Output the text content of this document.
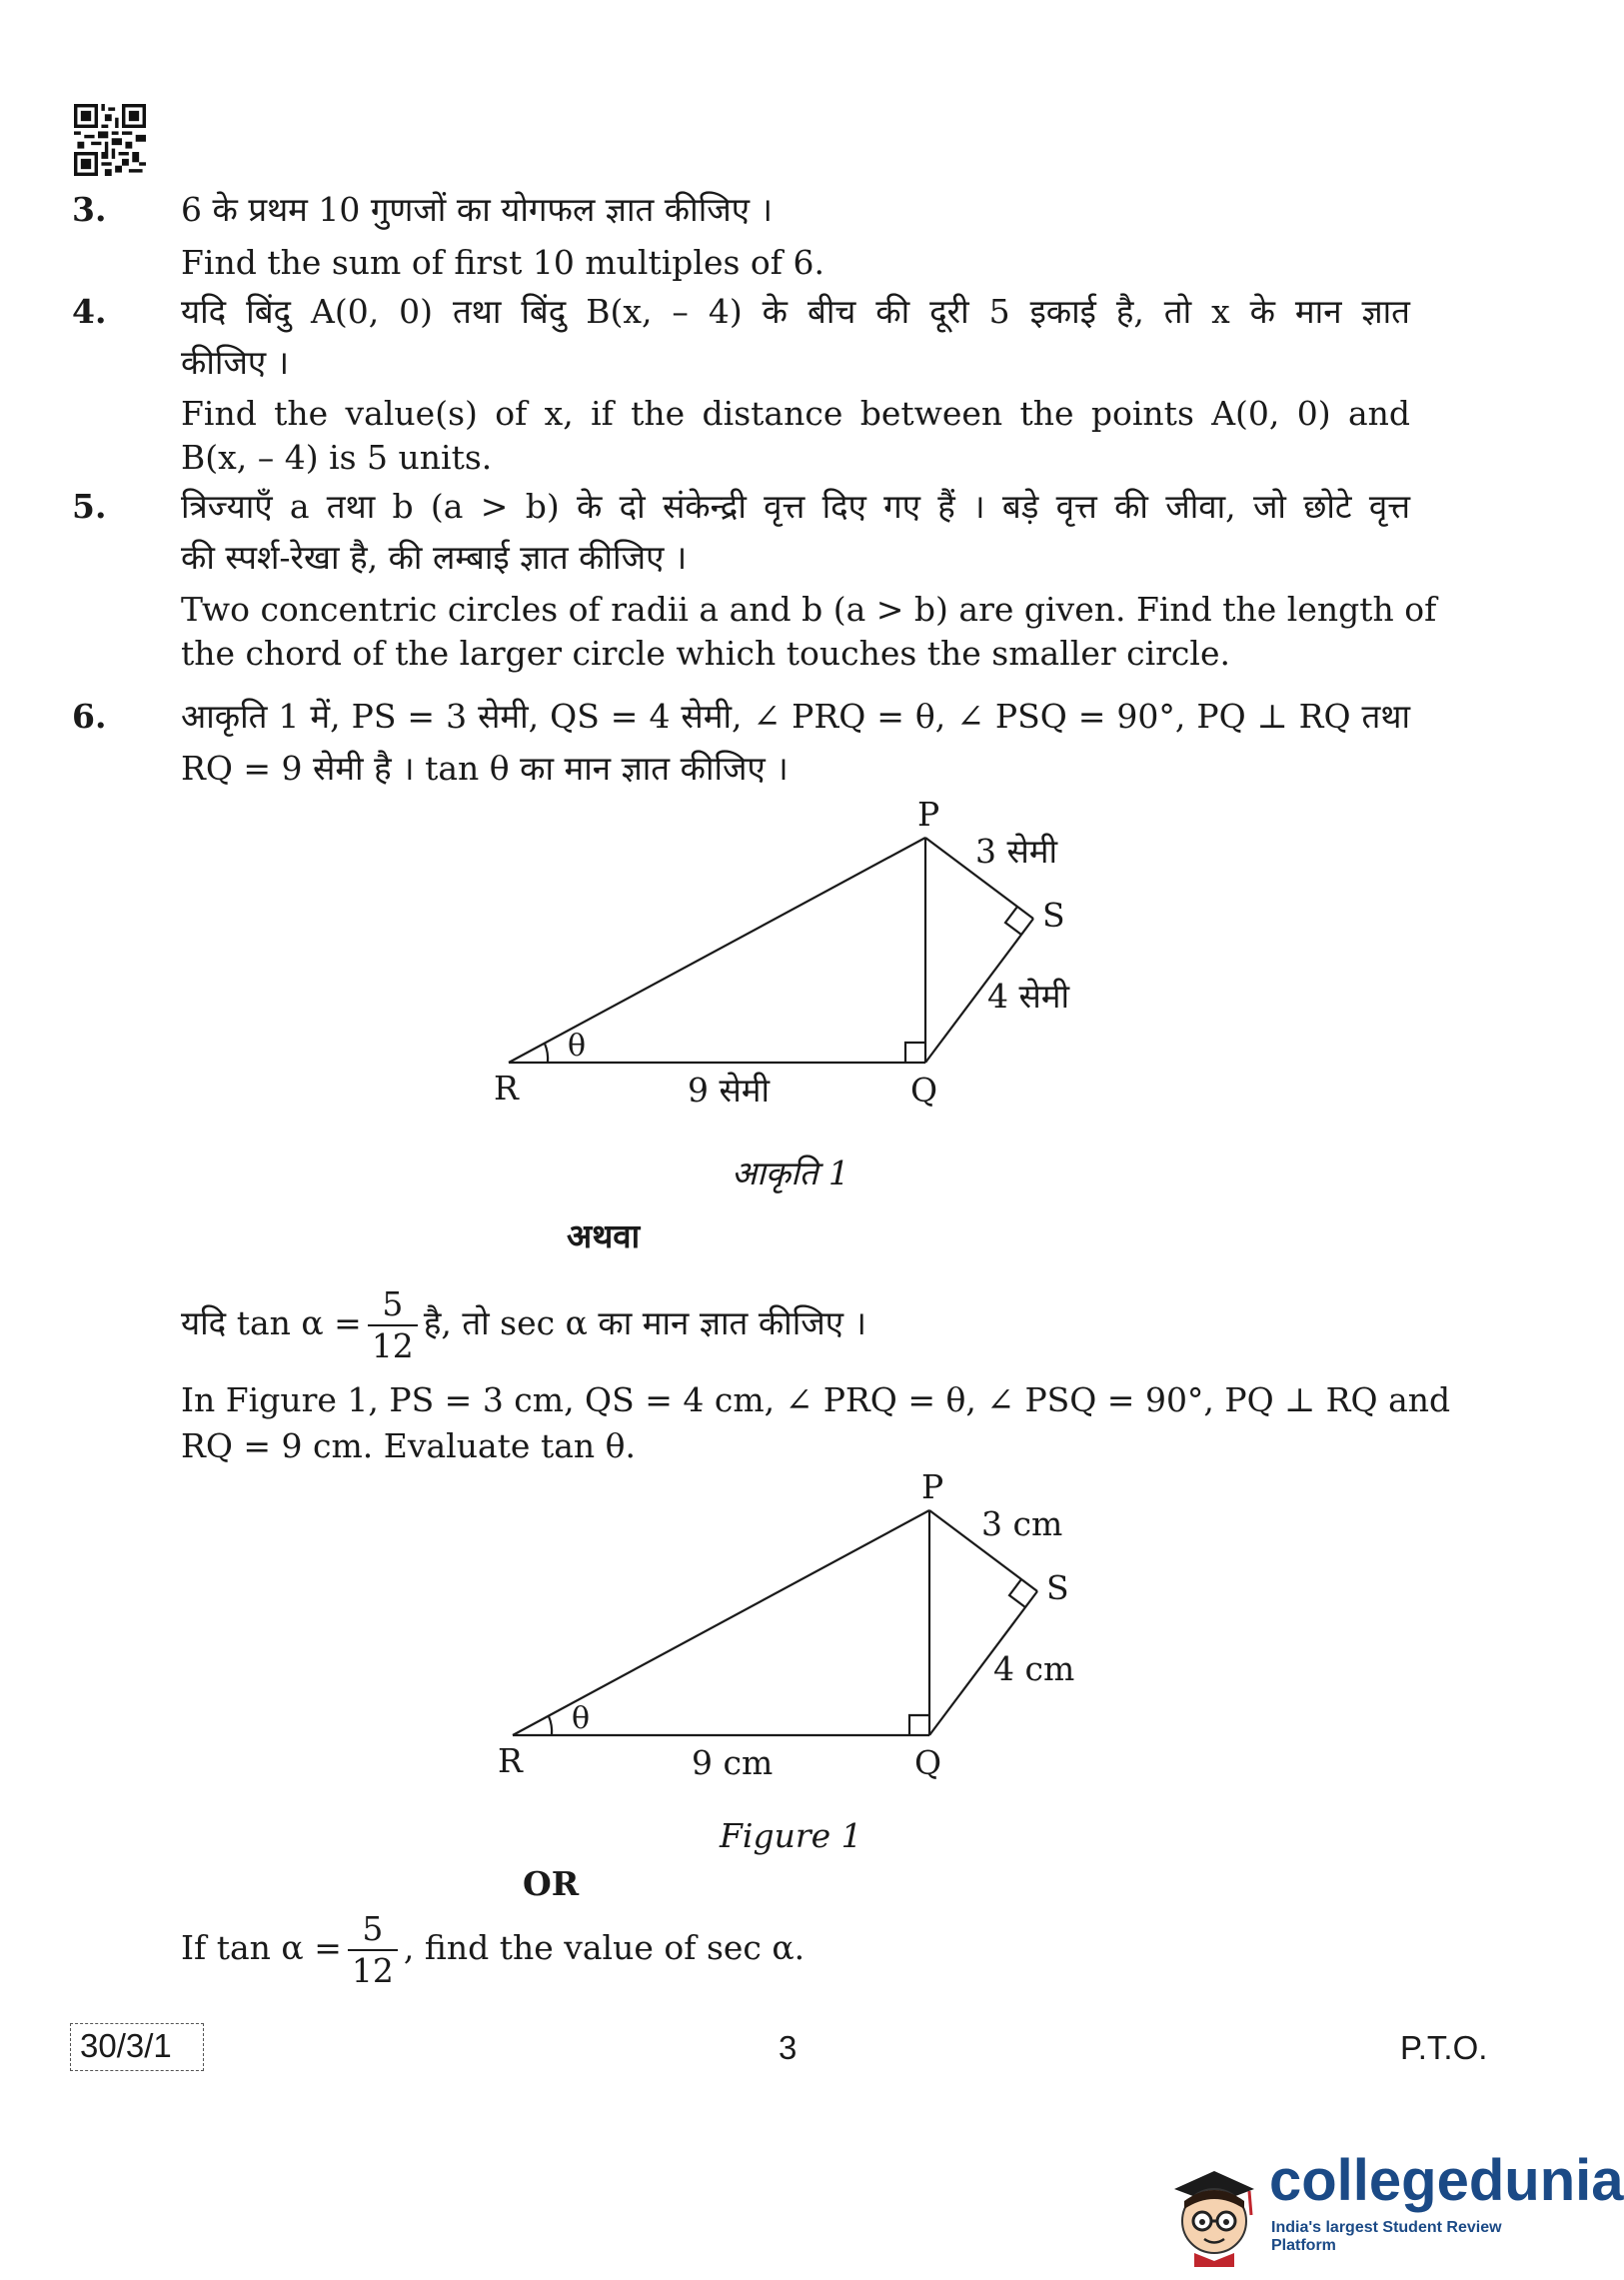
3. 6 के प्रथम 10 गुणजों का योगफल ज्ञात कीजिए ।
Find the sum of first 10 multiples of 6.
4. यदि बिंदु A(0, 0) तथा बिंदु B(x, – 4) के बीच की दूरी 5 इकाई है, तो x के मान ज्ञात
कीजिए ।
Find the value(s) of x, if the distance between the points A(0, 0) and
B(x, – 4) is 5 units.
5. त्रिज्याएँ a तथा b (a > b) के दो संकेन्द्री वृत्त दिए गए हैं । बड़े वृत्त की जीवा, जो छोटे वृत्त
की स्पर्श-रेखा है, की लम्बाई ज्ञात कीजिए ।
Two concentric circles of radii a and b (a > b) are given. Find the length of
the chord of the larger circle which touches the smaller circle.
6. आकृति 1 में, PS = 3 सेमी, QS = 4 सेमी, ∠ PRQ = θ, ∠ PSQ = 90°, PQ ⊥ RQ तथा
RQ = 9 सेमी है । tan θ का मान ज्ञात कीजिए ।
P
S
R	Q
θ
3 सेमी
4 सेमी
9 सेमी
आकृति 1
अथवा
यदि $\tan \alpha = \frac{5}{12}$ है, तो sec α का मान ज्ञात कीजिए ।
In Figure 1, PS = 3 cm, QS = 4 cm, ∠ PRQ = θ, ∠ PSQ = 90°, PQ ⊥ RQ and
RQ = 9 cm. Evaluate tan θ.
P
S
R	Q
θ
3 cm
4 cm
9 cm
Figure 1
OR
If $\tan \alpha = \frac{5}{12}$ , find the value of sec α.
30/3/1	3	P.T.O.
collegedunia
India's largest Student Review Platform
